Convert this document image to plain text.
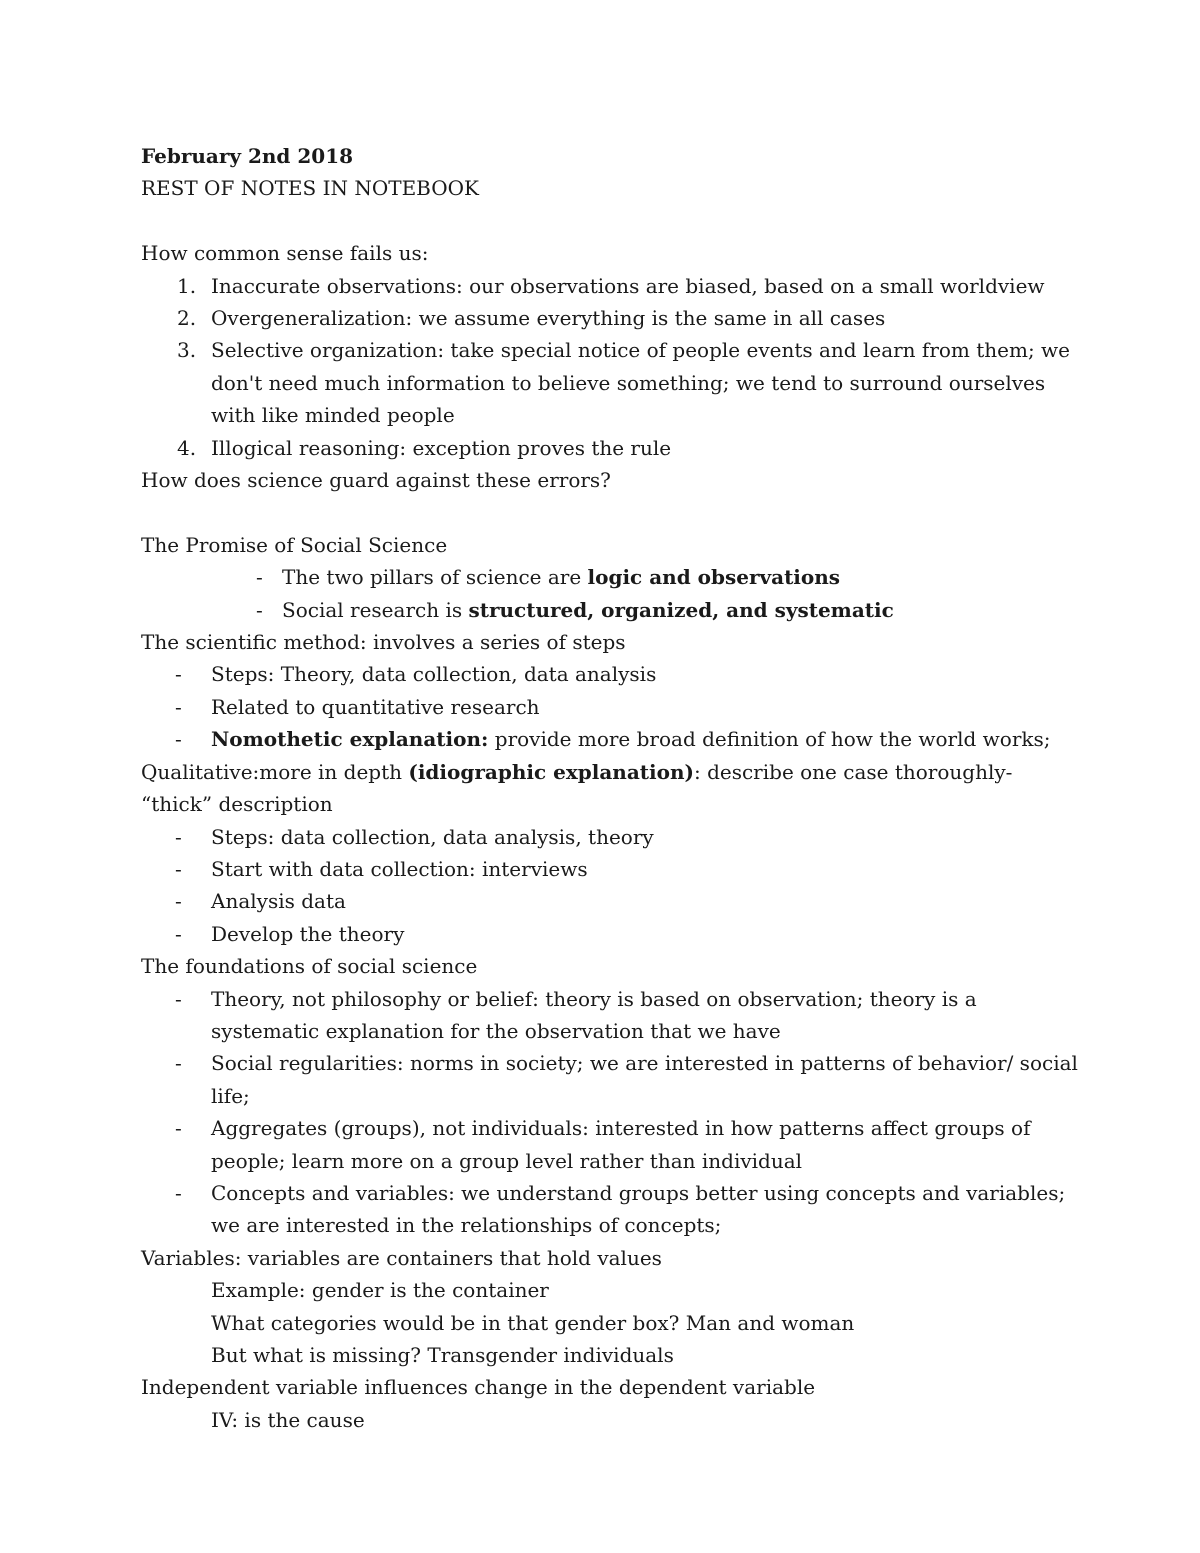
February 2nd 2018
REST OF NOTES IN NOTEBOOK
How common sense fails us:
1. Inaccurate observations: our observations are biased, based on a small worldview
2. Overgeneralization: we assume everything is the same in all cases
3. Selective organization: take special notice of people events and learn from them; we don't need much information to believe something; we tend to surround ourselves with like minded people
4. Illogical reasoning: exception proves the rule
How does science guard against these errors?
The Promise of Social Science
- The two pillars of science are logic and observations
- Social research is structured, organized, and systematic
The scientific method: involves a series of steps
-	Steps: Theory, data collection, data analysis
-	Related to quantitative research
-	Nomothetic explanation: provide more broad definition of how the world works;
Qualitative:more in depth (idiographic explanation): describe one case thoroughly- “thick” description
-	Steps: data collection, data analysis, theory
-	Start with data collection: interviews
-	Analysis data
-	Develop the theory
The foundations of social science
-	Theory, not philosophy or belief: theory is based on observation; theory is a systematic explanation for the observation that we have
-	Social regularities: norms in society; we are interested in patterns of behavior/ social life;
-	Aggregates (groups), not individuals: interested in how patterns affect groups of people; learn more on a group level rather than individual
-	Concepts and variables: we understand groups better using concepts and variables; we are interested in the relationships of concepts;
Variables: variables are containers that hold values
Example: gender is the container
What categories would be in that gender box? Man and woman
But what is missing? Transgender individuals
Independent variable influences change in the dependent variable
IV: is the cause
